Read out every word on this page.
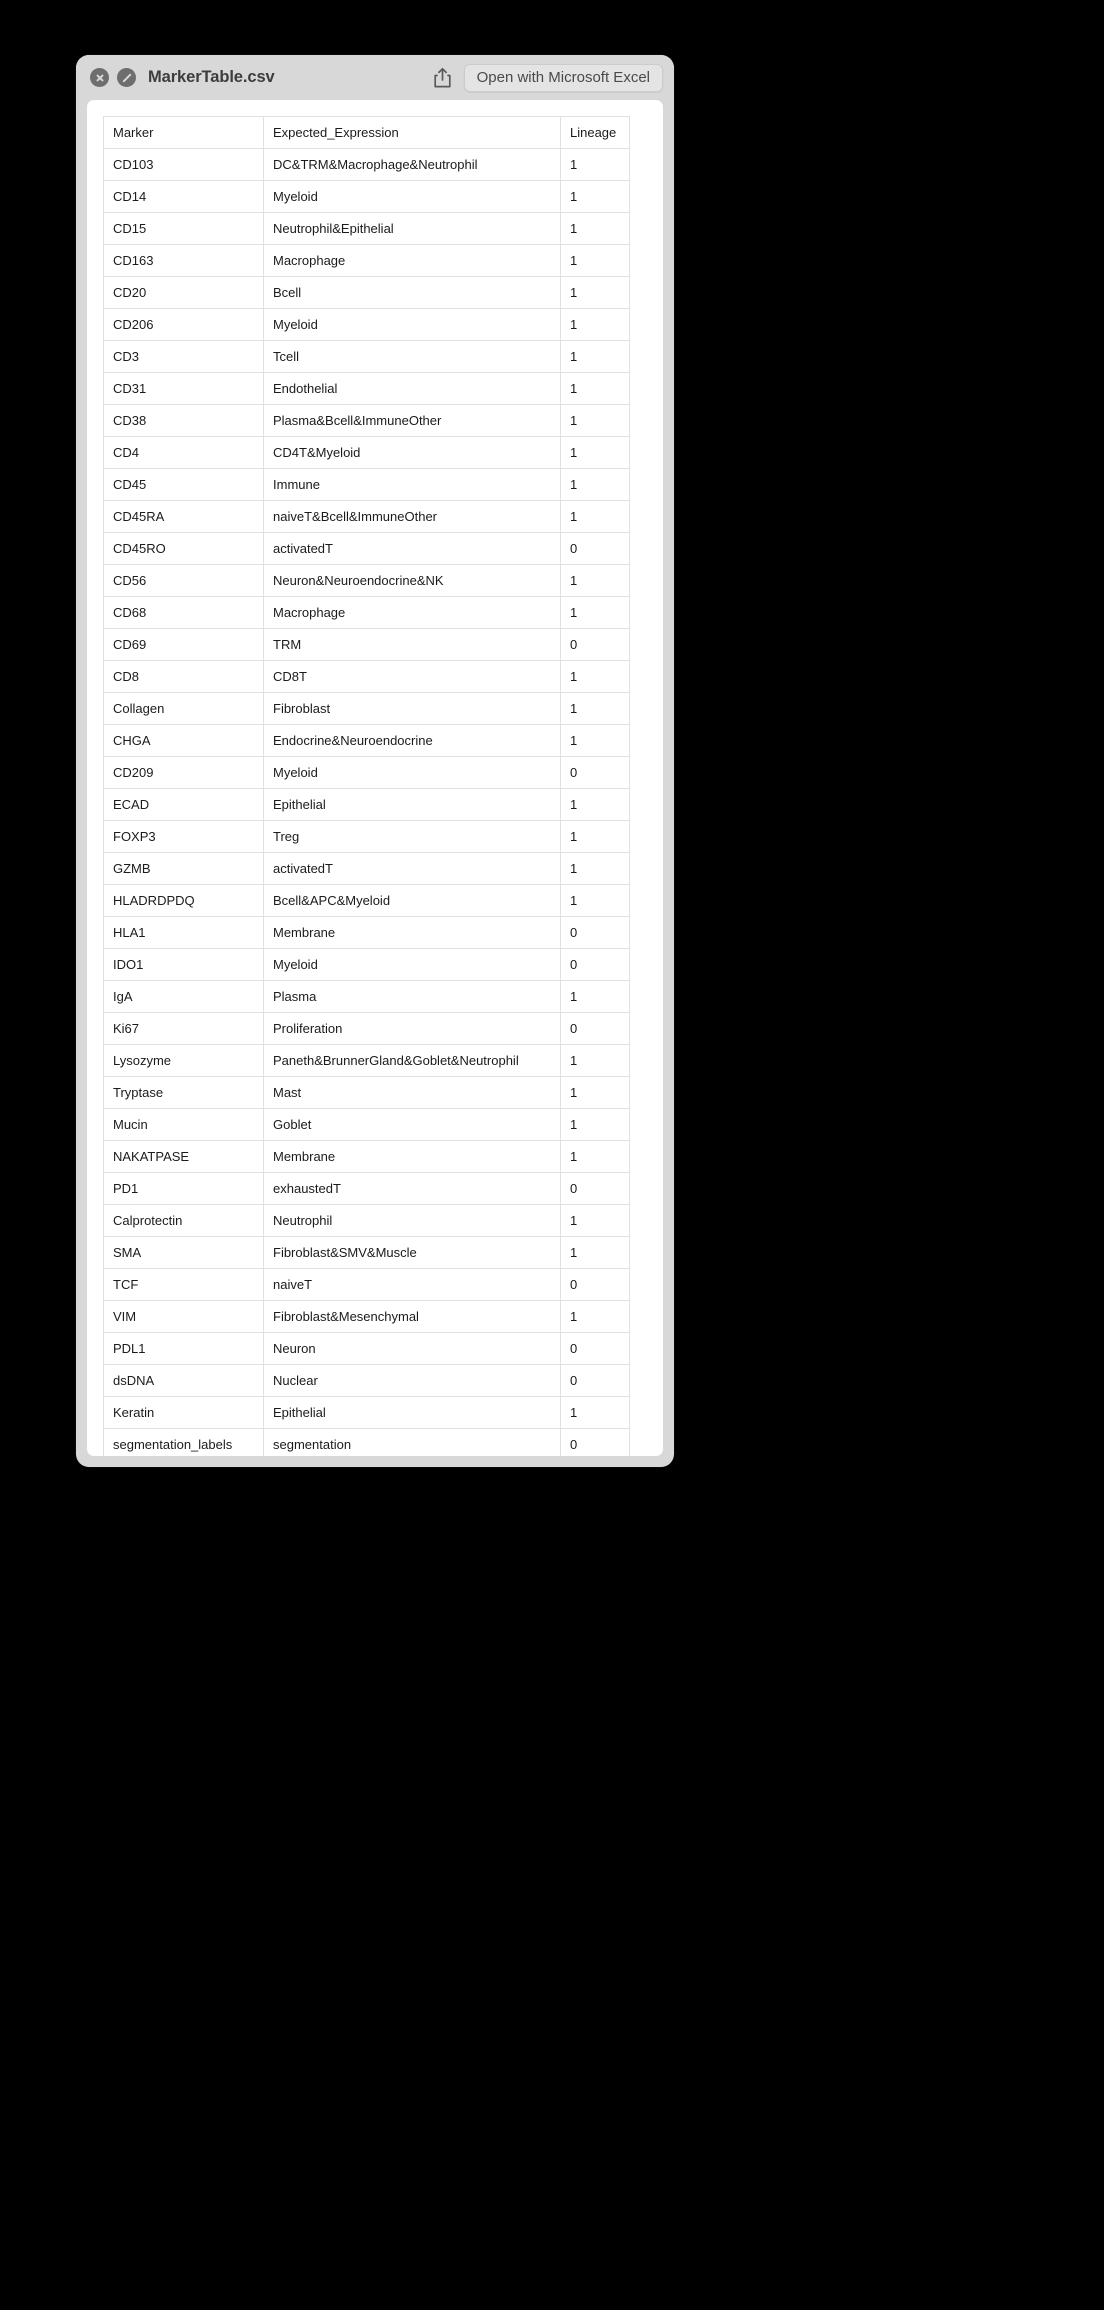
MarkerTable.csv	Open with Microsoft Excel
Marker	Expected_Expression	Lineage
CD103	DC&TRM&Macrophage&Neutrophil	1
CD14	Myeloid	1
CD15	Neutrophil&Epithelial	1
CD163	Macrophage	1
CD20	Bcell	1
CD206	Myeloid	1
CD3	Tcell	1
CD31	Endothelial	1
CD38	Plasma&Bcell&ImmuneOther	1
CD4	CD4T&Myeloid	1
CD45	Immune	1
CD45RA	naiveT&Bcell&ImmuneOther	1
CD45RO	activatedT	0
CD56	Neuron&Neuroendocrine&NK	1
CD68	Macrophage	1
CD69	TRM	0
CD8	CD8T	1
Collagen	Fibroblast	1
CHGA	Endocrine&Neuroendocrine	1
CD209	Myeloid	0
ECAD	Epithelial	1
FOXP3	Treg	1
GZMB	activatedT	1
HLADRDPDQ	Bcell&APC&Myeloid	1
HLA1	Membrane	0
IDO1	Myeloid	0
IgA	Plasma	1
Ki67	Proliferation	0
Lysozyme	Paneth&BrunnerGland&Goblet&Neutrophil	1
Tryptase	Mast	1
Mucin	Goblet	1
NAKATPASE	Membrane	1
PD1	exhaustedT	0
Calprotectin	Neutrophil	1
SMA	Fibroblast&SMV&Muscle	1
TCF	naiveT	0
VIM	Fibroblast&Mesenchymal	1
PDL1	Neuron	0
dsDNA	Nuclear	0
Keratin	Epithelial	1
segmentation_labels	segmentation	0
